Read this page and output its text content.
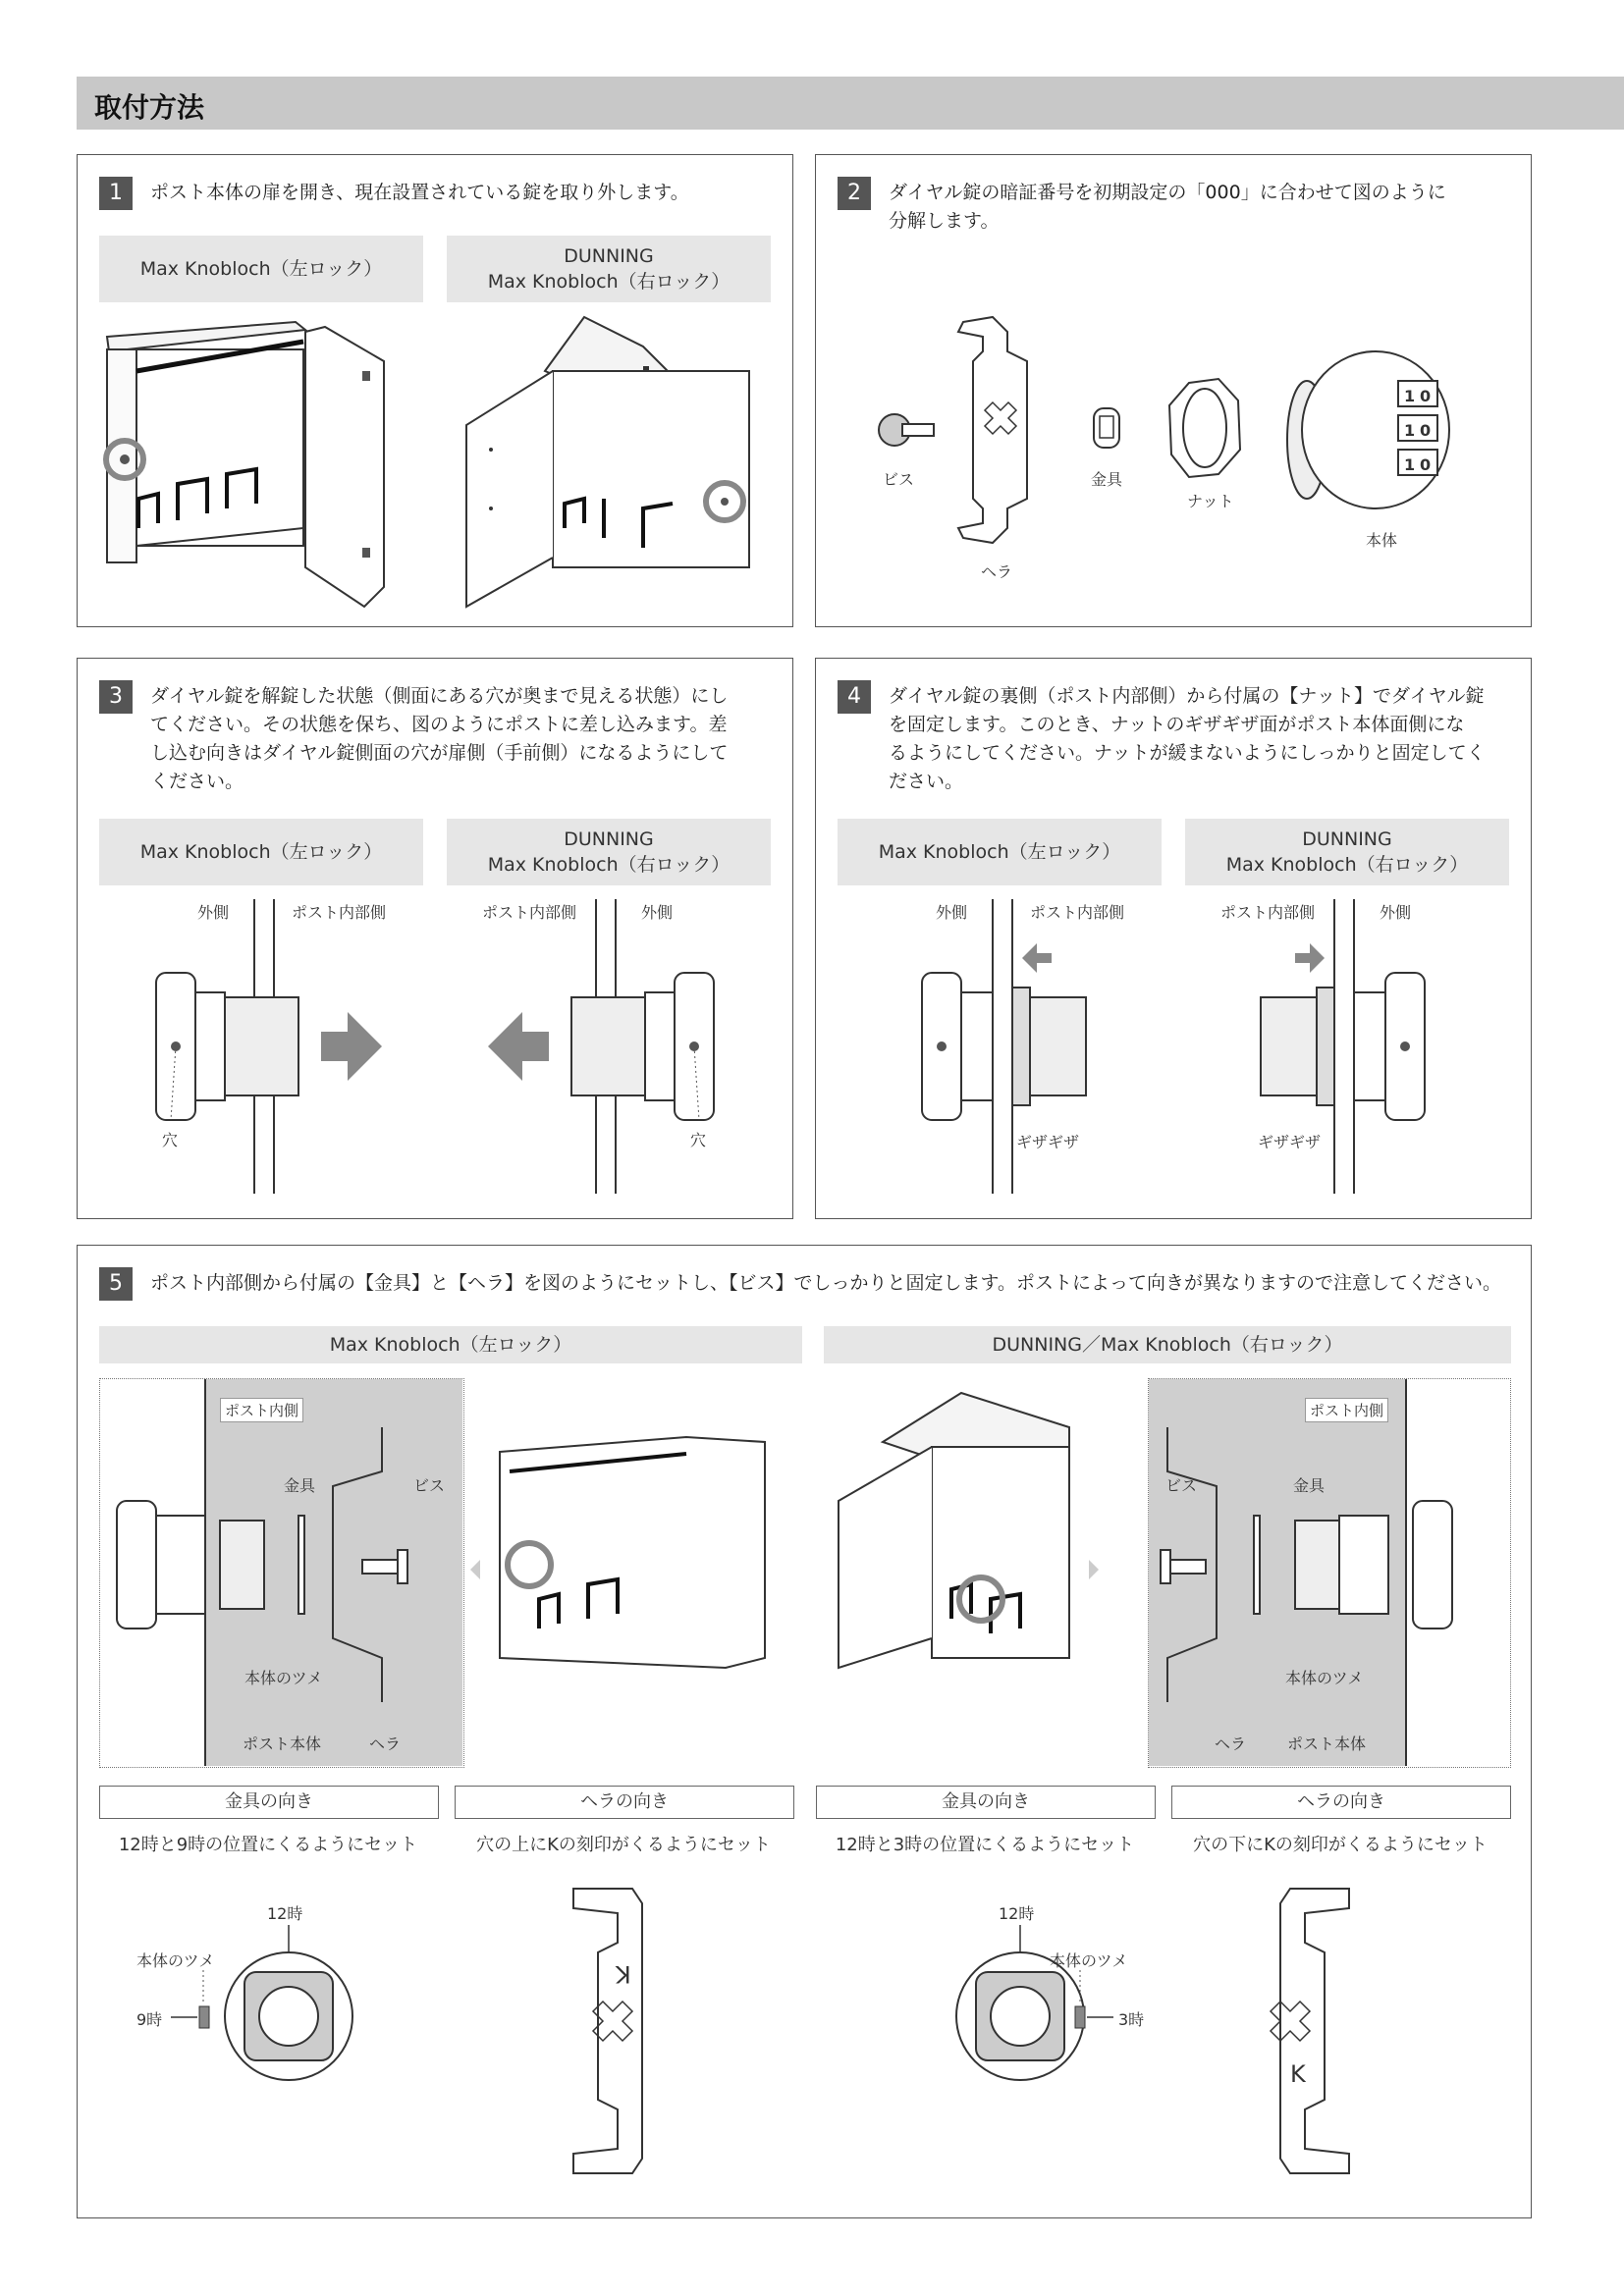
取付方法
1	ポスト本体の扉を開き、現在設置されている錠を取り外します。
Max Knobloch（左ロック）
DUNNING
Max Knobloch（右ロック）
2	ダイヤル錠の暗証番号を初期設定の「000」に合わせて図のように
分解します。
1 0
1 0
1 0
ビス
ヘラ
金具
ナット
本体
3	ダイヤル錠を解錠した状態（側面にある穴が奥まで見える状態）にし
てください。その状態を保ち、図のようにポストに差し込みます。差
し込む向きはダイヤル錠側面の穴が扉側（手前側）になるようにして
ください。
Max Knobloch（左ロック）
DUNNING
Max Knobloch（右ロック）
外側	ポスト内部側	ポスト内部側	外側
穴	穴
4	ダイヤル錠の裏側（ポスト内部側）から付属の【ナット】でダイヤル錠
を固定します。このとき、ナットのギザギザ面がポスト本体面側にな
るようにしてください。ナットが緩まないようにしっかりと固定してく
ださい。
Max Knobloch（左ロック）
DUNNING
Max Knobloch（右ロック）
外側	ポスト内部側	ポスト内部側	外側
ギザギザ	ギザギザ
5	ポスト内部側から付属の【金具】と【ヘラ】を図のようにセットし、【ビス】でしっかりと固定します。ポストによって向きが異なりますので注意してください。
Max Knobloch（左ロック）	DUNNING／Max Knobloch（右ロック）
ポスト内側
金具	ビス
本体のツメ
ポスト本体	ヘラ
ポスト内側
ビス	金具
本体のツメ
ヘラ	ポスト本体
金具の向き	ヘラの向き	金具の向き	ヘラの向き
12時と9時の位置にくるようにセット	穴の上にKの刻印がくるようにセット	12時と3時の位置にくるようにセット	穴の下にKの刻印がくるようにセット
12時
本体のツメ
9時
K
12時
本体のツメ
3時
K
